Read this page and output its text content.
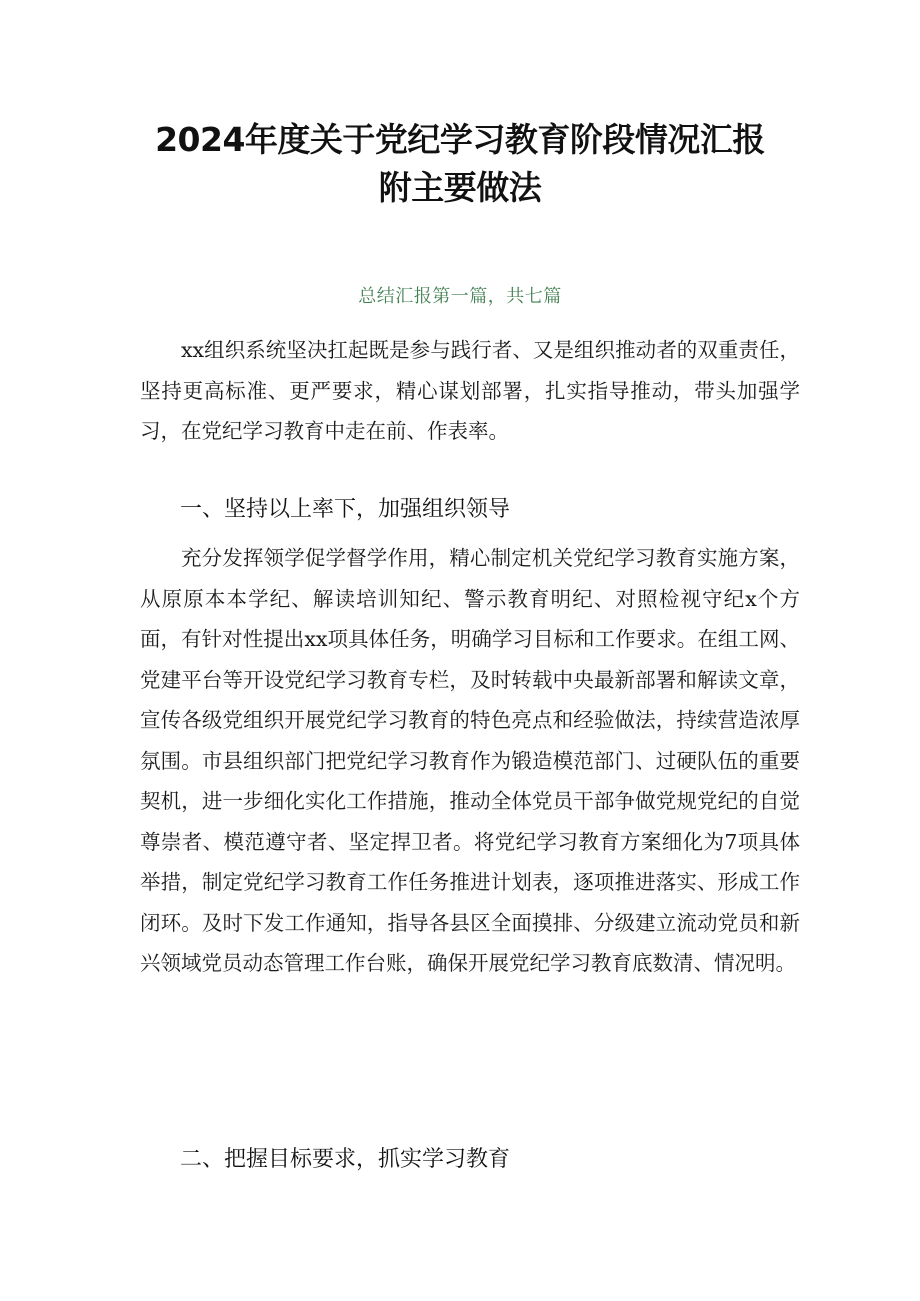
2024年度关于党纪学习教育阶段情况汇报
附主要做法
总结汇报第一篇，共七篇

xx组织系统坚决扛起既是参与践行者、又是组织推动者的双重责任，坚持更高标准、更严要求，精心谋划部署，扎实指导推动，带头加强学习，在党纪学习教育中走在前、作表率。

一、坚持以上率下，加强组织领导

充分发挥领学促学督学作用，精心制定机关党纪学习教育实施方案，从原原本本学纪、解读培训知纪、警示教育明纪、对照检视守纪x个方面，有针对性提出xx项具体任务，明确学习目标和工作要求。在组工网、党建平台等开设党纪学习教育专栏，及时转载中央最新部署和解读文章，宣传各级党组织开展党纪学习教育的特色亮点和经验做法，持续营造浓厚氛围。市县组织部门把党纪学习教育作为锻造模范部门、过硬队伍的重要契机，进一步细化实化工作措施，推动全体党员干部争做党规党纪的自觉尊崇者、模范遵守者、坚定捍卫者。将党纪学习教育方案细化为7项具体举措，制定党纪学习教育工作任务推进计划表，逐项推进落实、形成工作闭环。及时下发工作通知，指导各县区全面摸排、分级建立流动党员和新兴领域党员动态管理工作台账，确保开展党纪学习教育底数清、情况明。

二、把握目标要求，抓实学习教育
